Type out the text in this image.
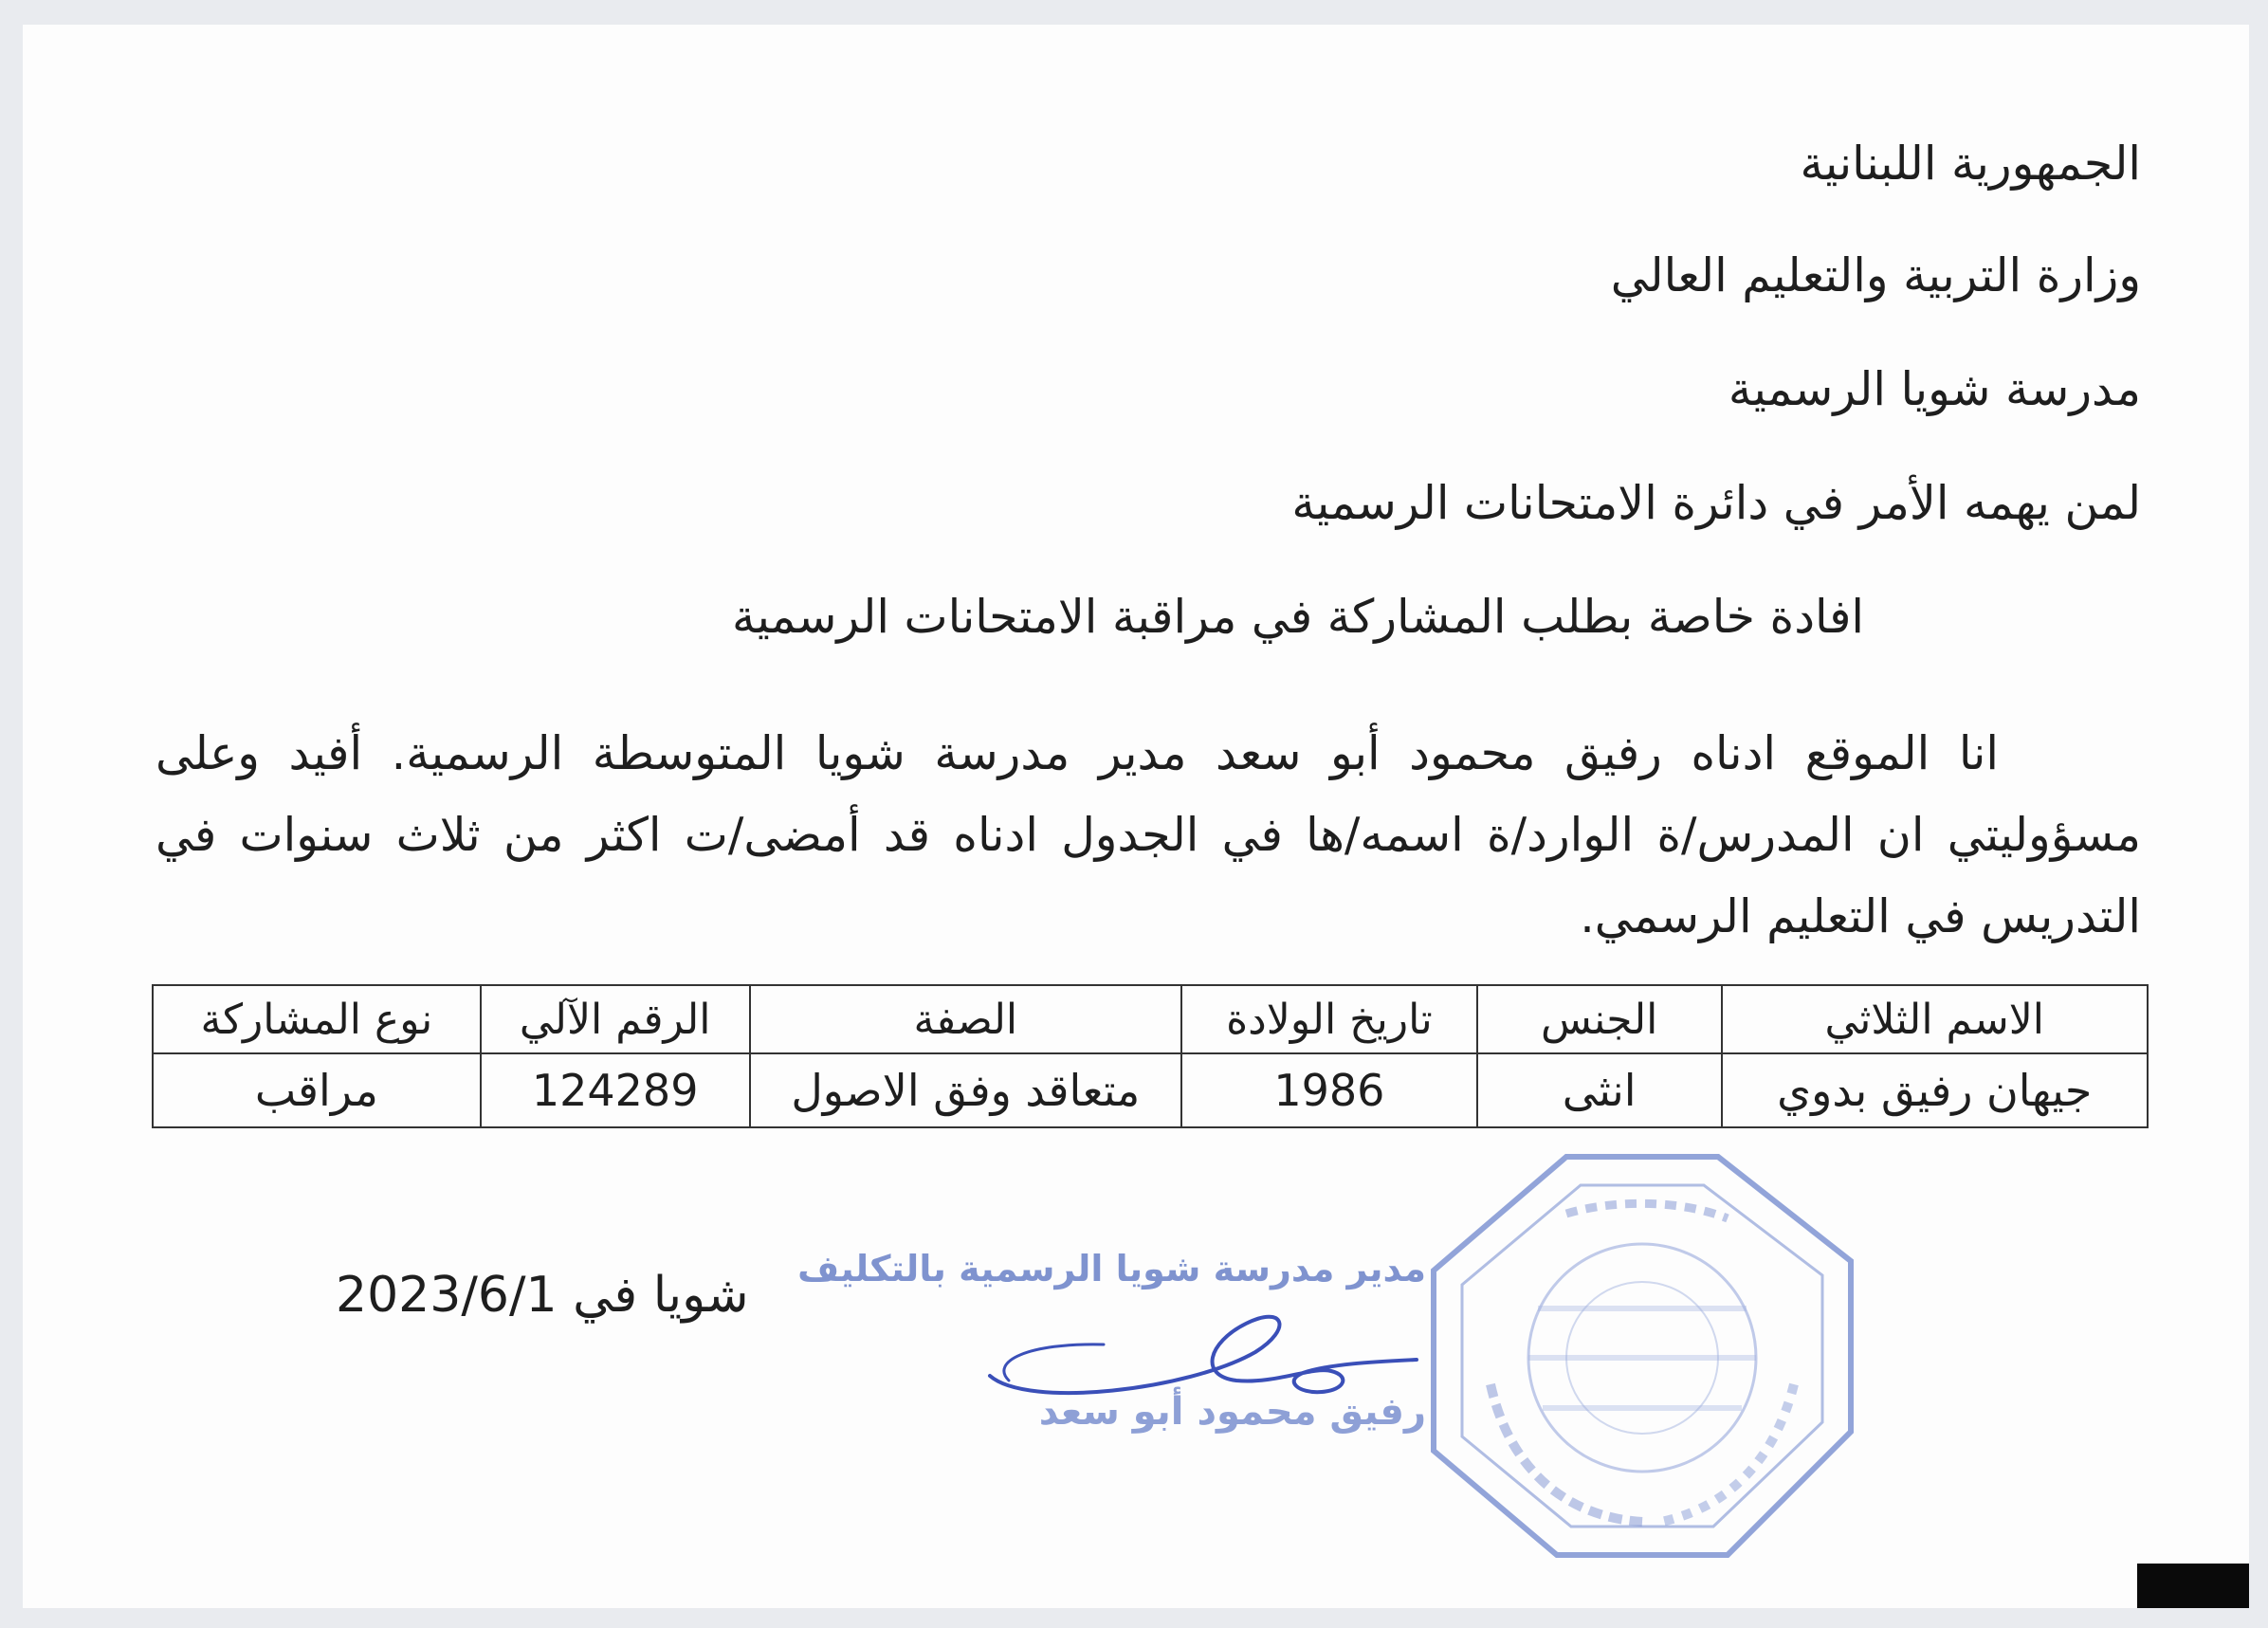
الجمهورية اللبنانية
وزارة التربية والتعليم العالي
مدرسة شويا الرسمية
لمن يهمه الأمر في دائرة الامتحانات الرسمية
افادة خاصة بطلب المشاركة في مراقبة الامتحانات الرسمية
انا الموقع ادناه رفيق محمود أبو سعد مدير مدرسة شويا المتوسطة الرسمية. أفيد وعلى مسؤوليتي ان المدرس/ة الوارد/ة اسمه/ها في الجدول ادناه قد أمضى/ت اكثر من ثلاث سنوات في التدريس في التعليم الرسمي.
الاسم الثلاثي	الجنس	تاريخ الولادة	الصفة	الرقم الآلي	نوع المشاركة
جيهان رفيق بدوي	انثى	1986	متعاقد وفق الاصول	124289	مراقب
شويا في 2023/6/1 مدير مدرسة شويا الرسمية بالتكليف
رفيق محمود أبو سعد
